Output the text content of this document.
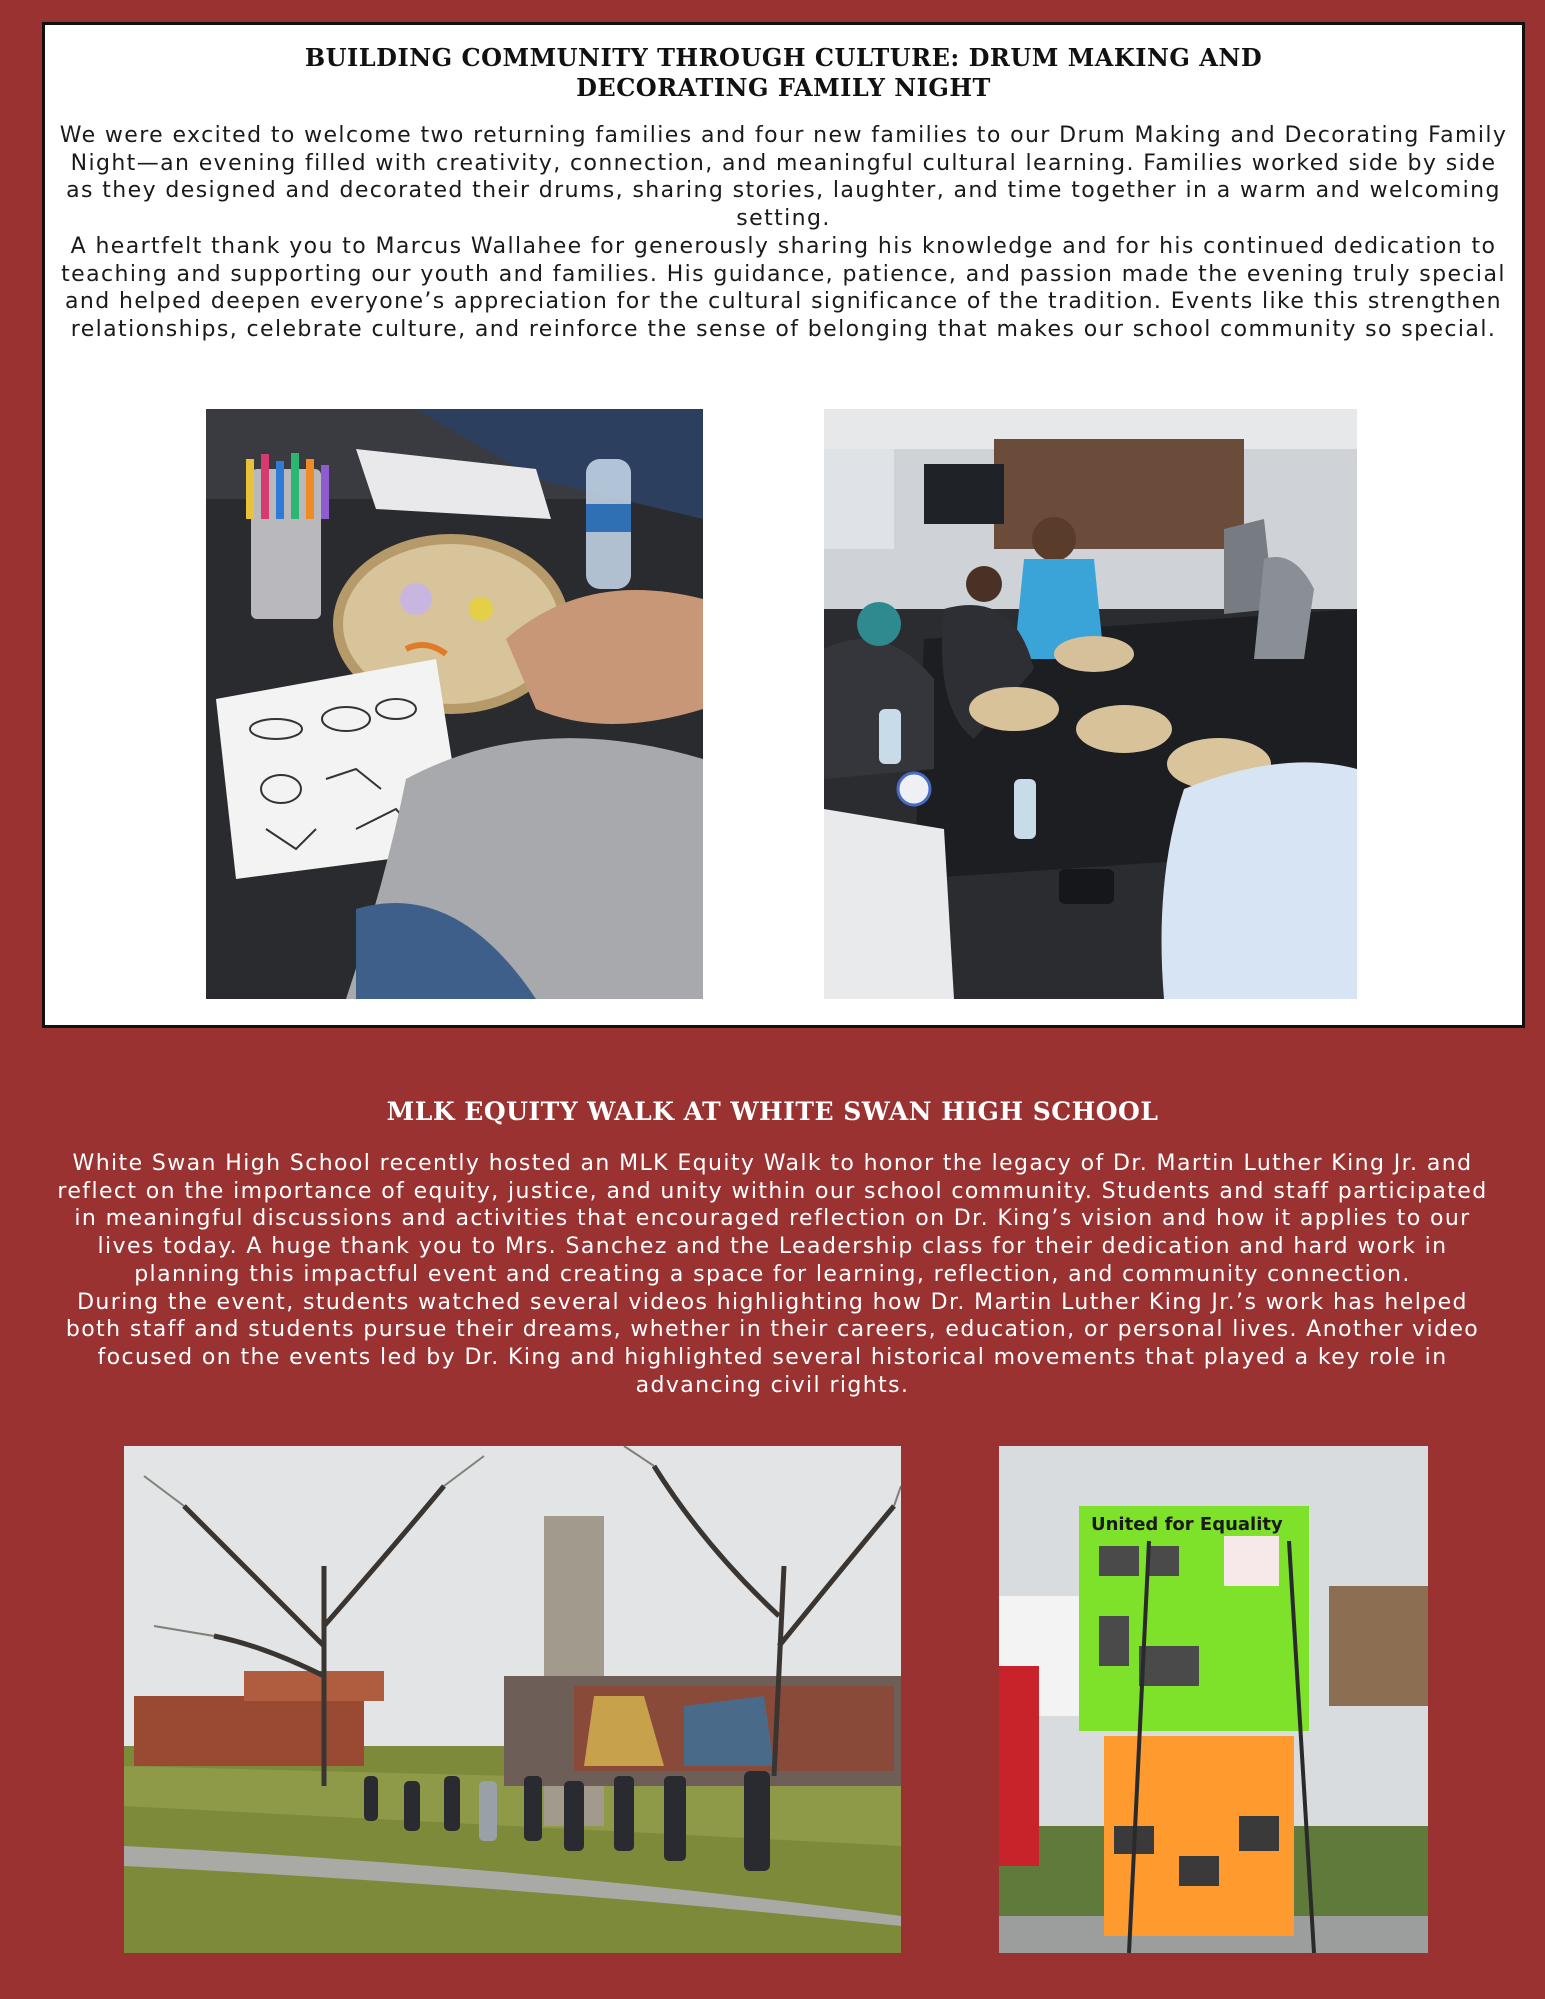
BUILDING COMMUNITY THROUGH CULTURE: DRUM MAKING AND
DECORATING FAMILY NIGHT

We were excited to welcome two returning families and four new families to our Drum Making and Decorating Family Night—an evening filled with creativity, connection, and meaningful cultural learning. Families worked side by side as they designed and decorated their drums, sharing stories, laughter, and time together in a warm and welcoming setting.

A heartfelt thank you to Marcus Wallahee for generously sharing his knowledge and for his continued dedication to teaching and supporting our youth and families. His guidance, patience, and passion made the evening truly special and helped deepen everyone’s appreciation for the cultural significance of the tradition. Events like this strengthen relationships, celebrate culture, and reinforce the sense of belonging that makes our school community so special.

MLK EQUITY WALK AT WHITE SWAN HIGH SCHOOL

White Swan High School recently hosted an MLK Equity Walk to honor the legacy of Dr. Martin Luther King Jr. and reflect on the importance of equity, justice, and unity within our school community. Students and staff participated in meaningful discussions and activities that encouraged reflection on Dr. King’s vision and how it applies to our lives today. A huge thank you to Mrs. Sanchez and the Leadership class for their dedication and hard work in planning this impactful event and creating a space for learning, reflection, and community connection.

During the event, students watched several videos highlighting how Dr. Martin Luther King Jr.’s work has helped both staff and students pursue their dreams, whether in their careers, education, or personal lives. Another video focused on the events led by Dr. King and highlighted several historical movements that played a key role in advancing civil rights.

United for Equality
